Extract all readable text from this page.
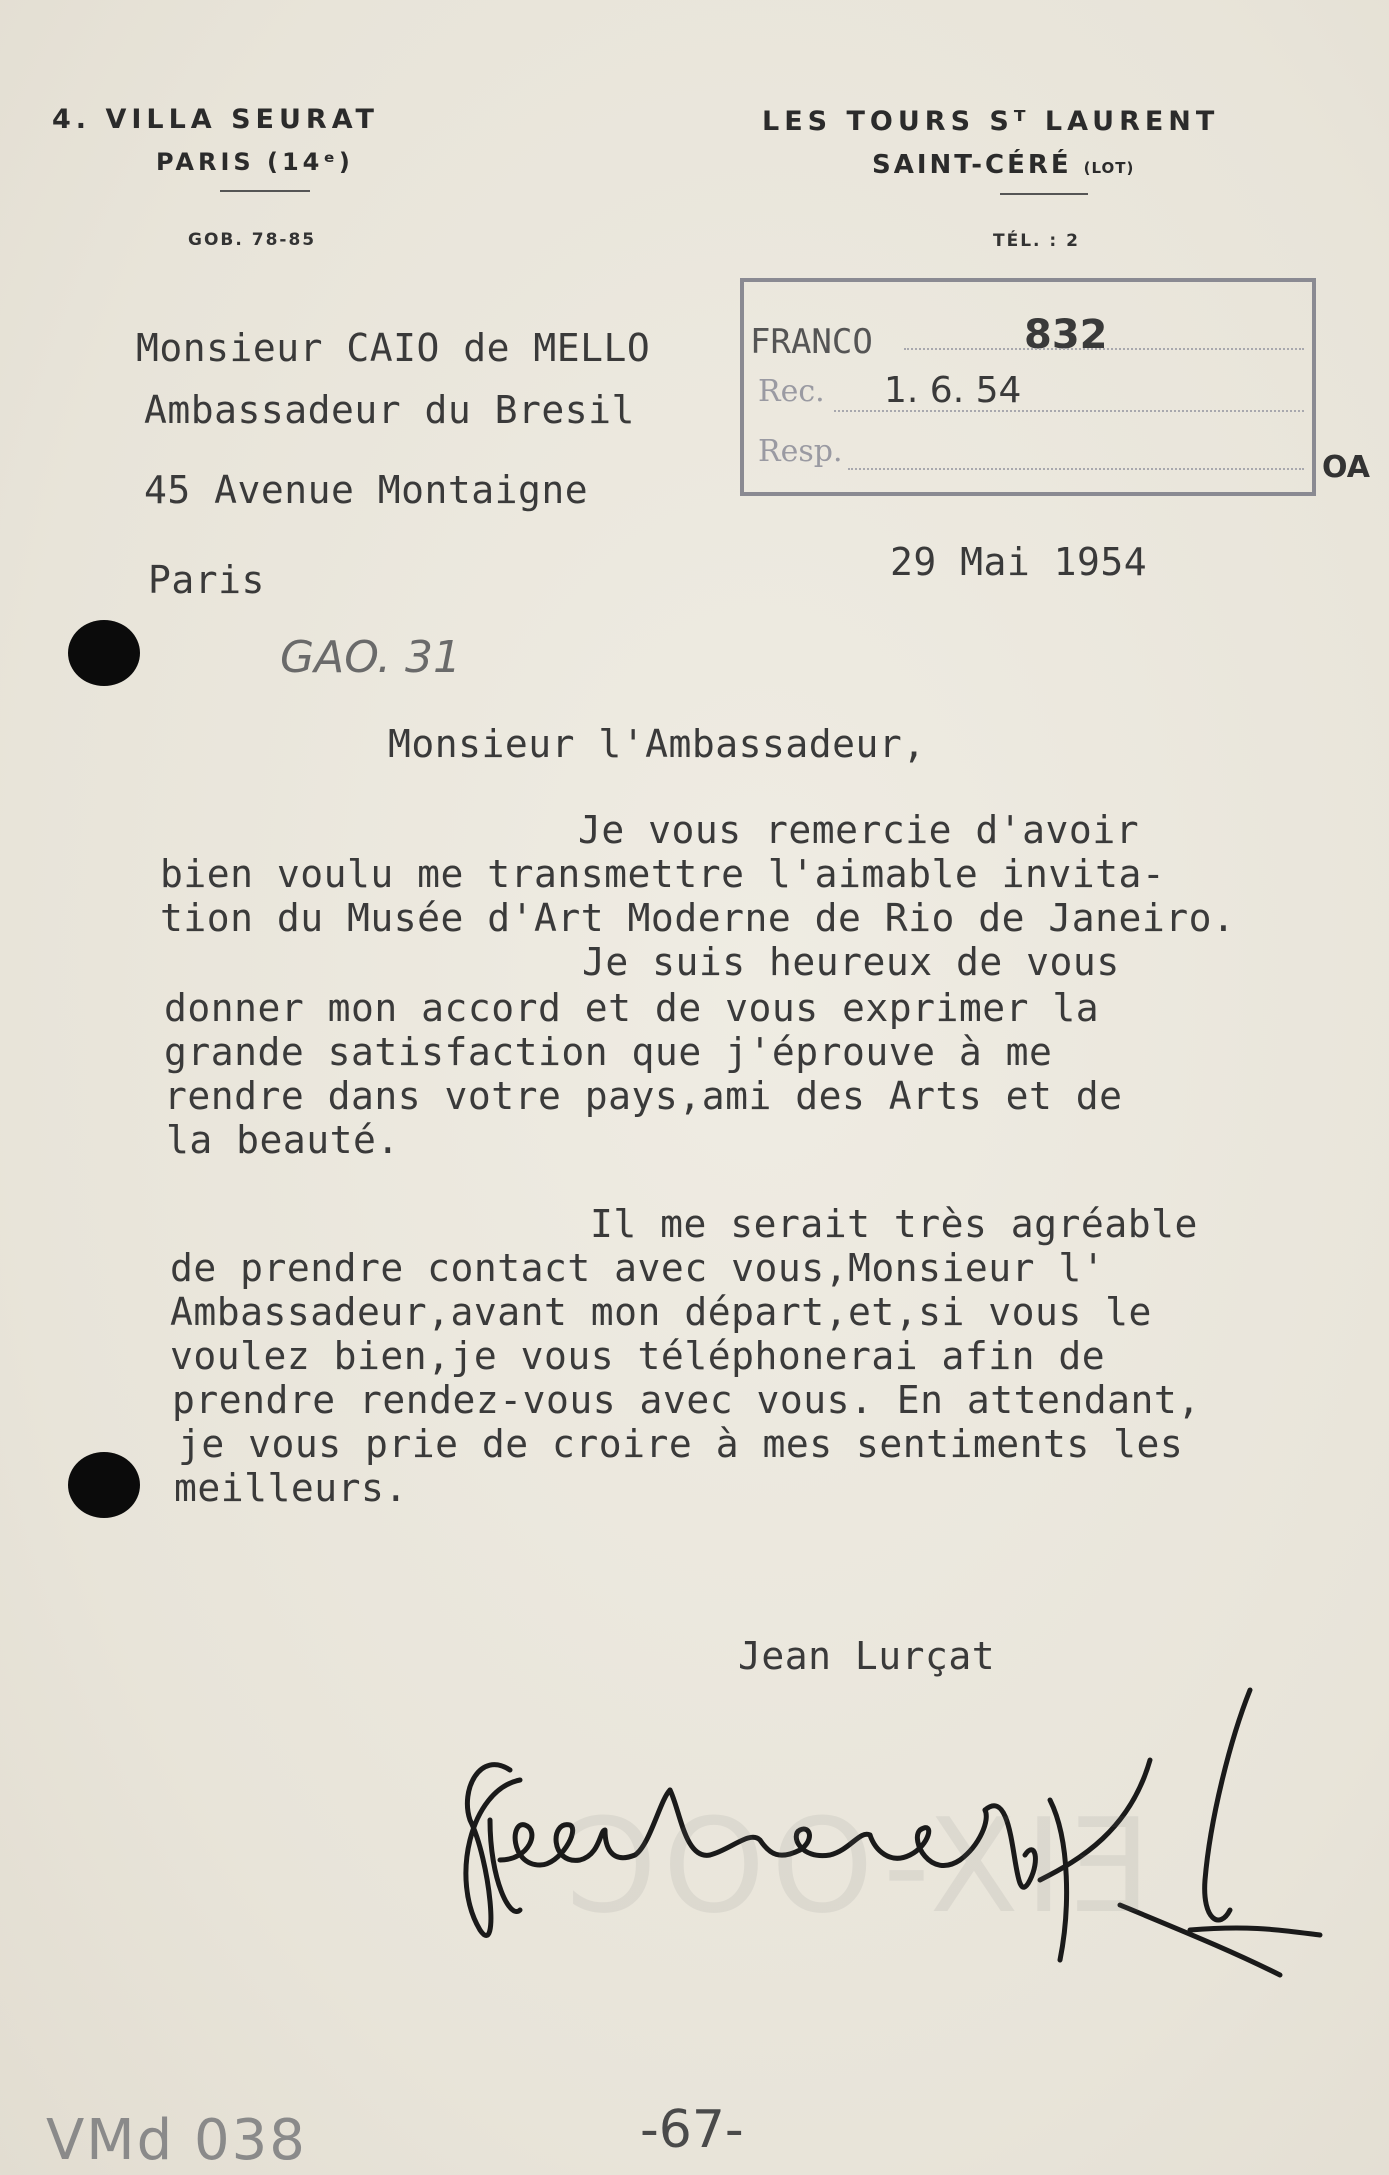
4. VILLA SEURAT
PARIS (14ᵉ)
GOB. 78-85
LES TOURS Sᵀ LAURENT
SAINT-CÉRÉ (LOT)
TÉL. : 2
Monsieur CAIO de MELLO
Ambassadeur du Bresil
45 Avenue Montaigne
Paris
FRANCO	832
Rec. 1. 6. 54
Resp.	OA
29 Mai 1954
GAO. 31
Monsieur l'Ambassadeur,
Je vous remercie d'avoir
bien voulu me transmettre l'aimable invita-
tion du Musée d'Art Moderne de Rio de Janeiro.
Je suis heureux de vous
donner mon accord et de vous exprimer la
grande satisfaction que j'éprouve à me
rendre dans votre pays,ami des Arts et de
la beauté.
Il me serait très agréable
de prendre contact avec vous,Monsieur l'
Ambassadeur,avant mon départ,et,si vous le
voulez bien,je vous téléphonerai afin de
prendre rendez-vous avec vous. En attendant,
je vous prie de croire à mes sentiments les
meilleurs.
Jean Lurçat
EIX-OOC
VMd 038	-67-
